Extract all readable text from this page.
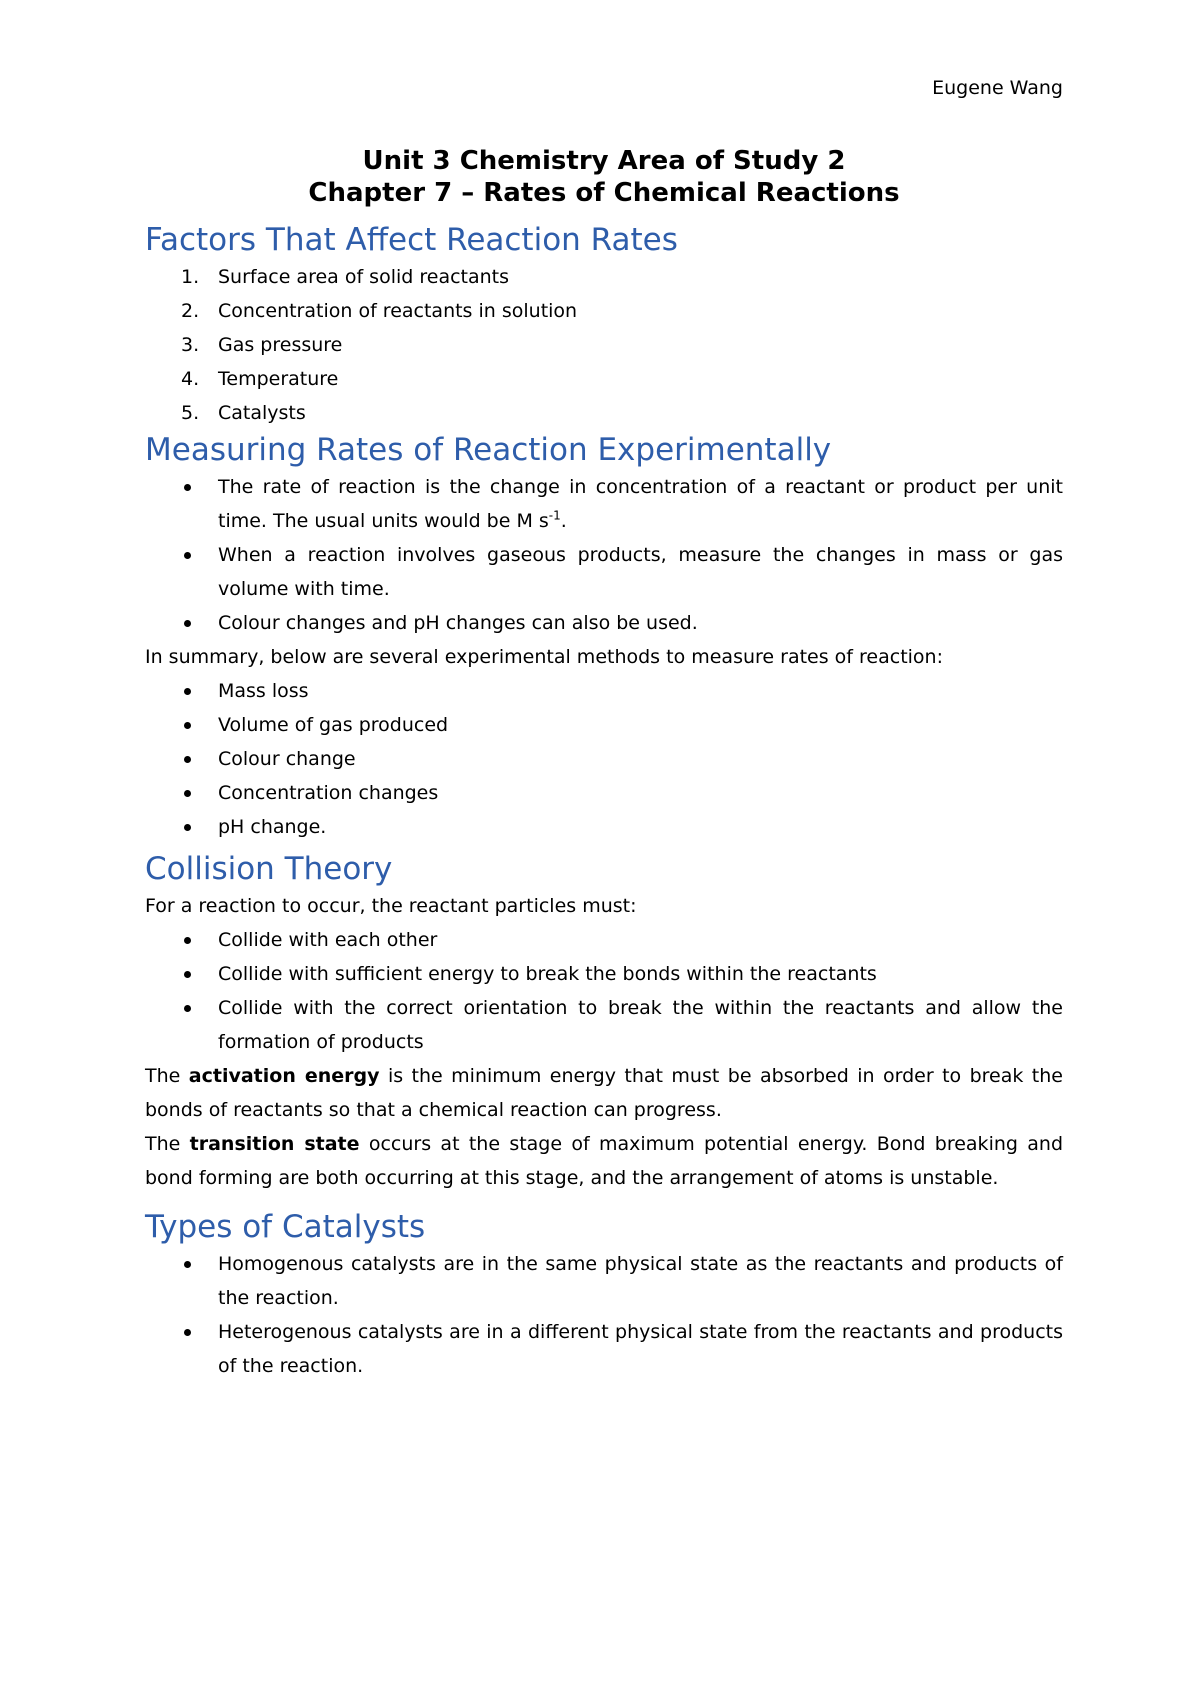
Eugene Wang
Unit 3 Chemistry Area of Study 2
Chapter 7 – Rates of Chemical Reactions
Factors That Affect Reaction Rates
1. Surface area of solid reactants
2. Concentration of reactants in solution
3. Gas pressure
4. Temperature
5. Catalysts
Measuring Rates of Reaction Experimentally
The rate of reaction is the change in concentration of a reactant or product per unit time. The usual units would be M $s^{-1}$.
When a reaction involves gaseous products, measure the changes in mass or gas volume with time.
Colour changes and pH changes can also be used.

In summary, below are several experimental methods to measure rates of reaction:

Mass loss
Volume of gas produced
Colour change
Concentration changes
pH change.
Collision Theory

For a reaction to occur, the reactant particles must:

Collide with each other
Collide with sufficient energy to break the bonds within the reactants
Collide with the correct orientation to break the within the reactants and allow the formation of products

The activation energy is the minimum energy that must be absorbed in order to break the bonds of reactants so that a chemical reaction can progress.

The transition state occurs at the stage of maximum potential energy. Bond breaking and bond forming are both occurring at this stage, and the arrangement of atoms is unstable.

Types of Catalysts
Homogenous catalysts are in the same physical state as the reactants and products of the reaction.
Heterogenous catalysts are in a different physical state from the reactants and products of the reaction.
